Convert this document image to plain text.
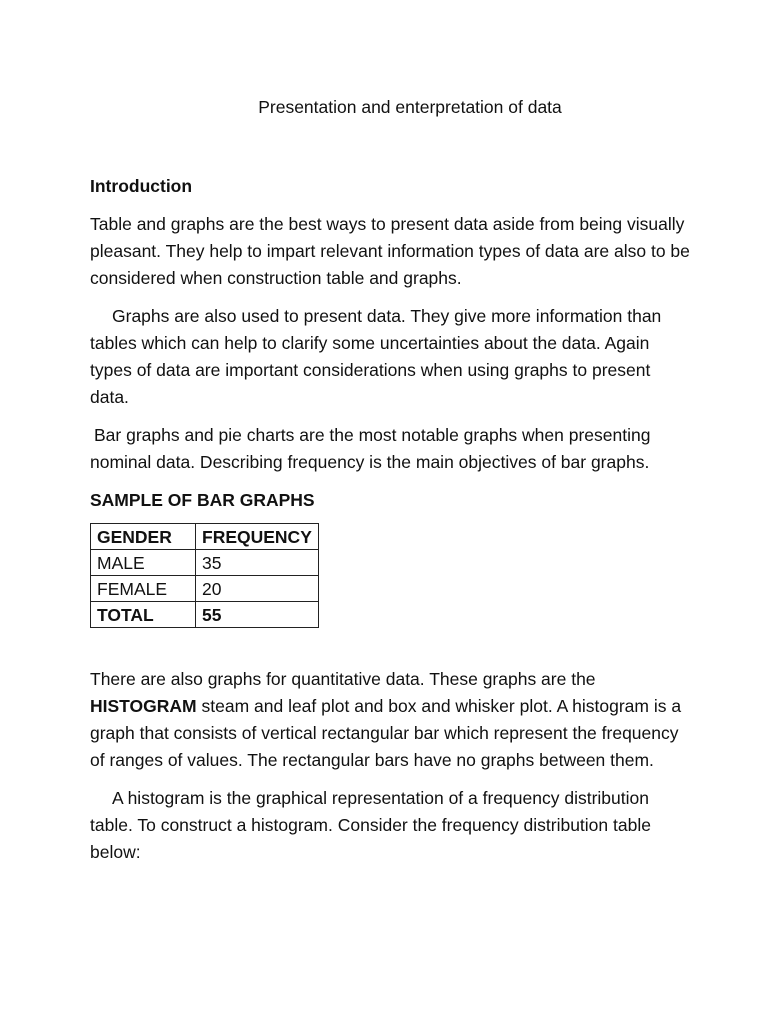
Presentation and enterpretation of data
Introduction

Table and graphs are the best ways to present data aside from being visually pleasant. They help to impart relevant information types of data are also to be considered when construction table and graphs.

Graphs are also used to present data. They give more information than tables which can help to clarify some uncertainties about the data. Again types of data are important considerations when using graphs to present data.

Bar graphs and pie charts are the most notable graphs when presenting nominal data. Describing frequency is the main objectives of bar graphs.

SAMPLE OF BAR GRAPHS
GENDER	FREQUENCY
MALE	35
FEMALE	20
TOTAL	55

There are also graphs for quantitative data. These graphs are the HISTOGRAM steam and leaf plot and box and whisker plot. A histogram is a graph that consists of vertical rectangular bar which represent the frequency of ranges of values. The rectangular bars have no graphs between them.

A histogram is the graphical representation of a frequency distribution table. To construct a histogram. Consider the frequency distribution table below:
